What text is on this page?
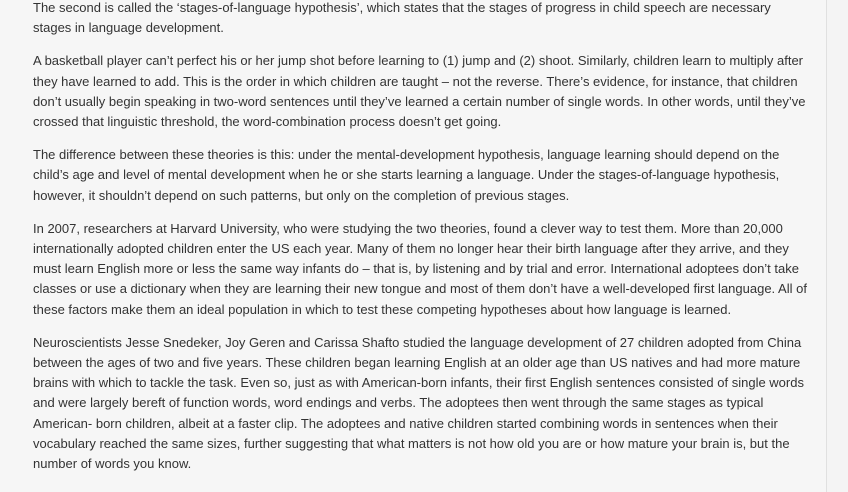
The second is called the ‘stages-of-language hypothesis’, which states that the stages of progress in child speech are necessary stages in language development.

A basketball player can’t perfect his or her jump shot before learning to (1) jump and (2) shoot. Similarly, children learn to multiply after they have learned to add. This is the order in which children are taught – not the reverse. There’s evidence, for instance, that children don’t usually begin speaking in two-word sentences until they’ve learned a certain number of single words. In other words, until they’ve crossed that linguistic threshold, the word-combination process doesn’t get going.

The difference between these theories is this: under the mental-development hypothesis, language learning should depend on the child’s age and level of mental development when he or she starts learning a language. Under the stages-of-language hypothesis, however, it shouldn’t depend on such patterns, but only on the completion of previous stages.

In 2007, researchers at Harvard University, who were studying the two theories, found a clever way to test them. More than 20,000 internationally adopted children enter the US each year. Many of them no longer hear their birth language after they arrive, and they must learn English more or less the same way infants do – that is, by listening and by trial and error. International adoptees don’t take classes or use a dictionary when they are learning their new tongue and most of them don’t have a well-developed first language. All of these factors make them an ideal population in which to test these competing hypotheses about how language is learned.

Neuroscientists Jesse Snedeker, Joy Geren and Carissa Shafto studied the language development of 27 children adopted from China between the ages of two and five years. These children began learning English at an older age than US natives and had more mature brains with which to tackle the task. Even so, just as with American-born infants, their first English sentences consisted of single words and were largely bereft of function words, word endings and verbs. The adoptees then went through the same stages as typical American- born children, albeit at a faster clip. The adoptees and native children started combining words in sentences when their vocabulary reached the same sizes, further suggesting that what matters is not how old you are or how mature your brain is, but the number of words you know.
